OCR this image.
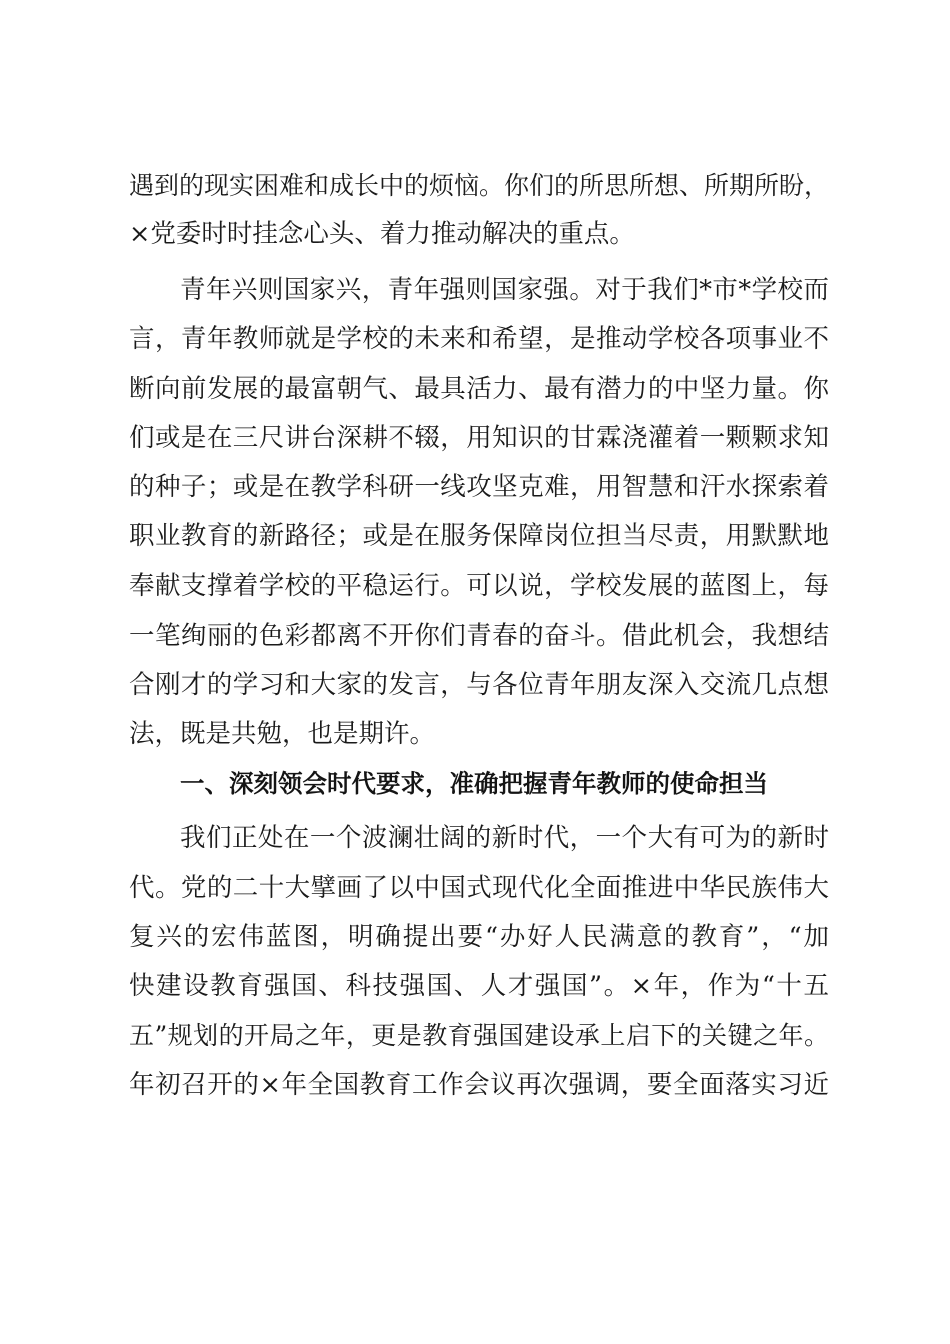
遇到的现实困难和成长中的烦恼。你们的所思所想、所期所盼，
×党委时时挂念心头、着力推动解决的重点。
青年兴则国家兴，青年强则国家强。对于我们*市*学校而
言，青年教师就是学校的未来和希望，是推动学校各项事业不
断向前发展的最富朝气、最具活力、最有潜力的中坚力量。你
们或是在三尺讲台深耕不辍，用知识的甘霖浇灌着一颗颗求知
的种子；或是在教学科研一线攻坚克难，用智慧和汗水探索着
职业教育的新路径；或是在服务保障岗位担当尽责，用默默地
奉献支撑着学校的平稳运行。可以说，学校发展的蓝图上，每
一笔绚丽的色彩都离不开你们青春的奋斗。借此机会，我想结
合刚才的学习和大家的发言，与各位青年朋友深入交流几点想
法，既是共勉，也是期许。
一、深刻领会时代要求，准确把握青年教师的使命担当
我们正处在一个波澜壮阔的新时代，一个大有可为的新时
代。党的二十大擘画了以中国式现代化全面推进中华民族伟大
复兴的宏伟蓝图，明确提出要“办好人民满意的教育”，“加
快建设教育强国、科技强国、人才强国”。×年，作为“十五
五”规划的开局之年，更是教育强国建设承上启下的关键之年。
年初召开的×年全国教育工作会议再次强调，要全面落实习近
